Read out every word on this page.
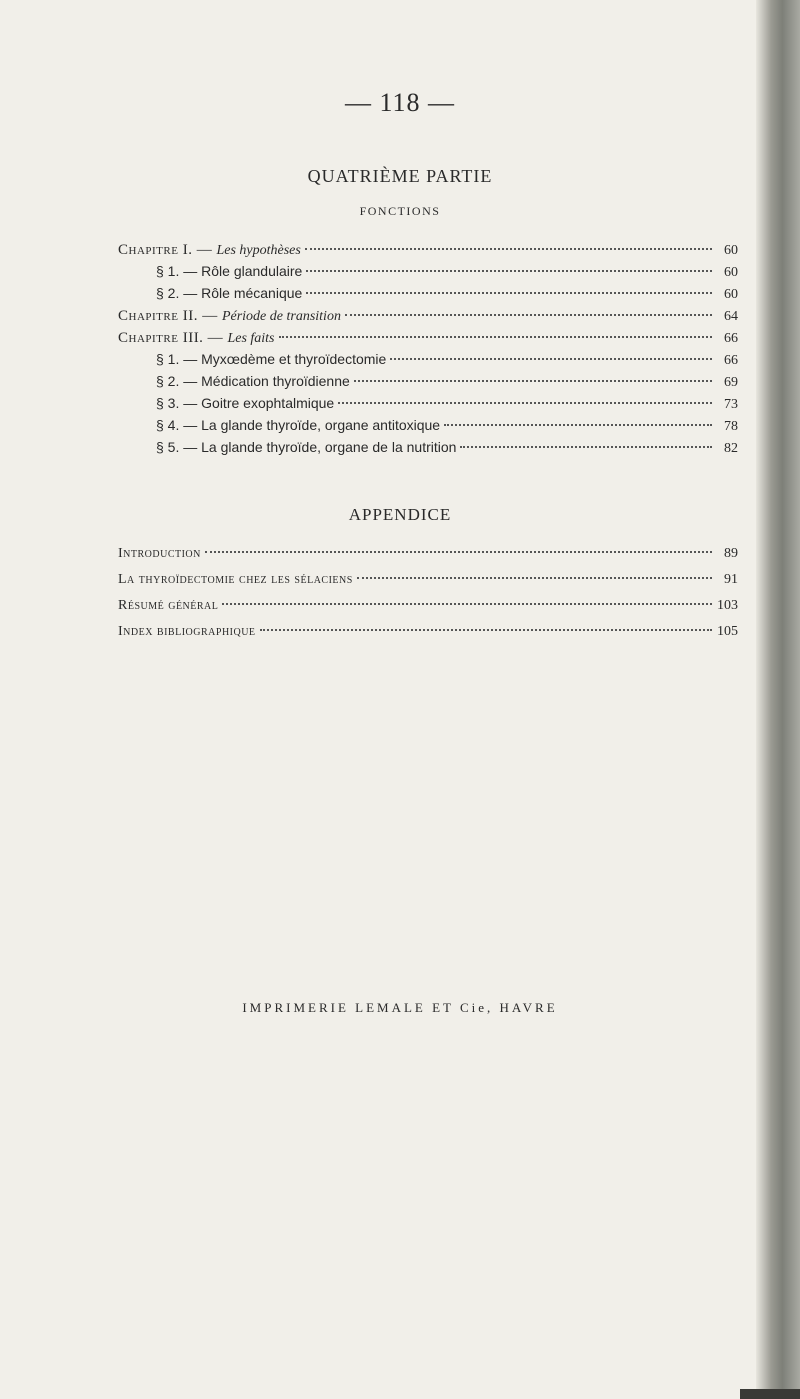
— 118 —
QUATRIÈME PARTIE
FONCTIONS
Chapitre I. — Les hypothèses	60
§ 1. — Rôle glandulaire	60
§ 2. — Rôle mécanique	60
Chapitre II. — Période de transition	64
Chapitre III. — Les faits	66
§ 1. — Myxœdème et thyroïdectomie	66
§ 2. — Médication thyroïdienne	69
§ 3. — Goitre exophtalmique	73
§ 4. — La glande thyroïde, organe antitoxique	78
§ 5. — La glande thyroïde, organe de la nutrition	82
APPENDICE
Introduction	89
La thyroïdectomie chez les sélaciens	91
Résumé général	103
Index bibliographique	105
IMPRIMERIE LEMALE ET Cie, HAVRE
